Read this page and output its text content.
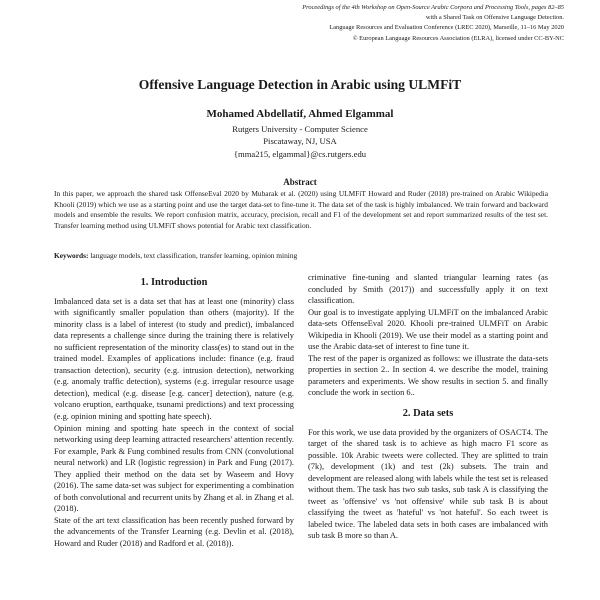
Proceedings of the 4th Workshop on Open-Source Arabic Corpora and Processing Tools, pages 82–85
with a Shared Task on Offensive Language Detection.
Language Resources and Evaluation Conference (LREC 2020), Marseille, 11–16 May 2020
© European Language Resources Association (ELRA), licensed under CC-BY-NC
Offensive Language Detection in Arabic using ULMFiT
Mohamed Abdellatif, Ahmed Elgammal
Rutgers University - Computer Science
Piscataway, NJ, USA
{mma215, elgammal}@cs.rutgers.edu
Abstract
In this paper, we approach the shared task OffenseEval 2020 by Mubarak et al. (2020) using ULMFiT Howard and Ruder (2018) pre-trained on Arabic Wikipedia Khooli (2019) which we use as a starting point and use the target data-set to fine-tune it. The data set of the task is highly imbalanced. We train forward and backward models and ensemble the results. We report confusion matrix, accuracy, precision, recall and F1 of the development set and report summarized results of the test set. Transfer learning method using ULMFiT shows potential for Arabic text classification.
Keywords: language models, text classification, transfer learning, opinion mining
1. Introduction

Imbalanced data set is a data set that has at least one (minority) class with significantly smaller population than others (majority). If the minority class is a label of interest (to study and predict), imbalanced data represents a challenge since during the training there is relatively no sufficient representation of the minority class(es) to stand out in the trained model. Examples of applications include: finance (e.g. fraud transaction detection), security (e.g. intrusion detection), networking (e.g. anomaly traffic detection), systems (e.g. irregular resource usage detection), medical (e.g. disease [e.g. cancer] detection), nature (e.g. volcano eruption, earthquake, tsunami predictions) and text processing (e.g. opinion mining and spotting hate speech).

Opinion mining and spotting hate speech in the context of social networking using deep learning attracted researchers' attention recently. For example, Park & Fung combined results from CNN (convolutional neural network) and LR (logistic regression) in Park and Fung (2017). They applied their method on the data set by Waseem and Hovy (2016). The same data-set was subject for experimenting a combination of both convolutional and recurrent units by Zhang et al. in Zhang et al. (2018).

State of the art text classification has been recently pushed forward by the advancements of the Transfer Learning (e.g. Devlin et al. (2018), Howard and Ruder (2018) and Radford et al. (2018)).

criminative fine-tuning and slanted triangular learning rates (as concluded by Smith (2017)) and successfully apply it on text classification.

Our goal is to investigate applying ULMFiT on the imbalanced Arabic data-sets OffenseEval 2020. Khooli pre-trained ULMFiT on Arabic Wikipedia in Khooli (2019). We use their model as a starting point and use the Arabic data-set of interest to fine tune it.

The rest of the paper is organized as follows: we illustrate the data-sets properties in section 2.. In section 4. we describe the model, training parameters and experiments. We show results in section 5. and finally conclude the work in section 6..

2. Data sets

For this work, we use data provided by the organizers of OSACT4. The target of the shared task is to achieve as high macro F1 score as possible. 10k Arabic tweets were collected. They are splitted to train (7k), development (1k) and test (2k) subsets. The train and development are released along with labels while the test set is released without them. The task has two sub tasks, sub task A is classifying the tweet as 'offensive' vs 'not offensive' while sub task B is about classifying the tweet as 'hateful' vs 'not hateful'. So each tweet is labeled twice. The labeled data sets in both cases are imbalanced with sub task B more so than A.
